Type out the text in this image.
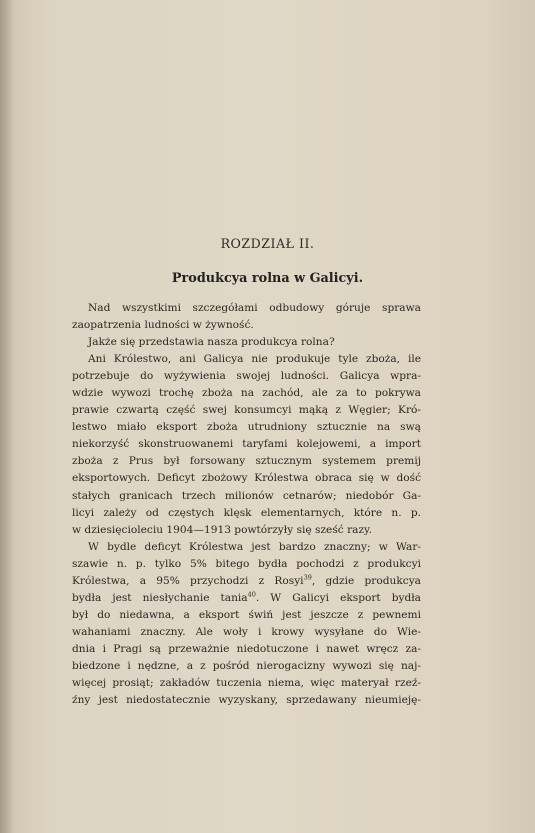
ROZDZIAŁ II.
Produkcya rolna w Galicyi.
Nad wszystkimi szczegółami odbudowy góruje sprawa
zaopatrzenia ludności w żywność.
Jakże się przedstawia nasza produkcya rolna?
Ani Królestwo, ani Galicya nie produkuje tyle zboża, ile
potrzebuje do wyżywienia swojej ludności. Galicya wpra-
wdzie wywozi trochę zboża na zachód, ale za to pokrywa
prawie czwartą część swej konsumcyi mąką z Węgier; Kró-
lestwo miało eksport zboża utrudniony sztucznie na swą
niekorzyść skonstruowanemi taryfami kolejowemi, a import
zboża z Prus był forsowany sztucznym systemem premij
eksportowych. Deficyt zbożowy Królestwa obraca się w dość
stałych granicach trzech milionów cetnarów; niedobór Ga-
licyi zależy od częstych klęsk elementarnych, które n. p.
w dziesięcioleciu 1904—1913 powtórzyły się sześć razy.
W bydle deficyt Królestwa jest bardzo znaczny; w War-
szawie n. p. tylko 5% bitego bydła pochodzi z produkcyi
Królestwa, a 95% przychodzi z Rosyi$^{39}$, gdzie produkcya
bydła jest niesłychanie tania$^{40}$. W Galicyi eksport bydła
był do niedawna, a eksport świń jest jeszcze z pewnemi
wahaniami znaczny. Ale woły i krowy wysyłane do Wie-
dnia i Pragi są przeważnie niedotuczone i nawet wręcz za-
biedzone i nędzne, a z pośród nierogacizny wywozi się naj-
więcej prosiąt; zakładów tuczenia niema, więc materyał rzeź-
źny jest niedostatecznie wyzyskany, sprzedawany nieumieję-
